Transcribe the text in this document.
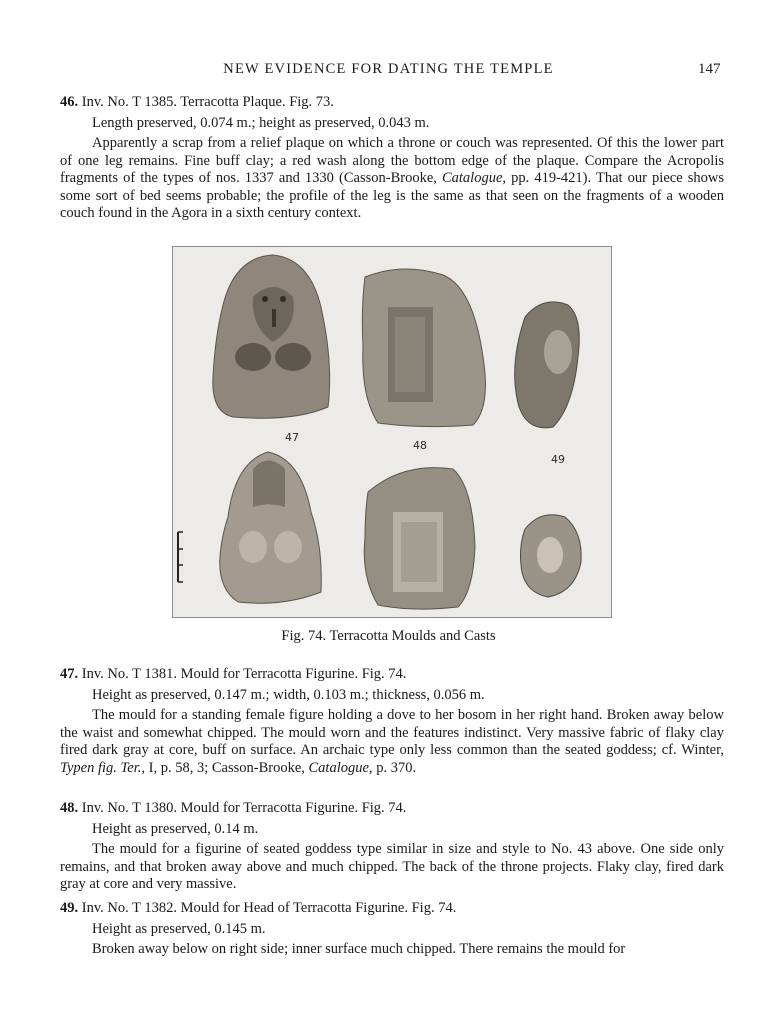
NEW EVIDENCE FOR DATING THE TEMPLE	147

46. Inv. No. T 1385. Terracotta Plaque. Fig. 73.

Length preserved, 0.074 m.; height as preserved, 0.043 m.

Apparently a scrap from a relief plaque on which a throne or couch was represented. Of this the lower part of one leg remains. Fine buff clay; a red wash along the bottom edge of the plaque. Compare the Acropolis fragments of the types of nos. 1337 and 1330 (Casson-Brooke, Catalogue, pp. 419-421). That our piece shows some sort of bed seems probable; the profile of the leg is the same as that seen on the fragments of a wooden couch found in the Agora in a sixth century context.

47
48
49
Fig. 74. Terracotta Moulds and Casts

47. Inv. No. T 1381. Mould for Terracotta Figurine. Fig. 74.

Height as preserved, 0.147 m.; width, 0.103 m.; thickness, 0.056 m.

The mould for a standing female figure holding a dove to her bosom in her right hand. Broken away below the waist and somewhat chipped. The mould worn and the features indistinct. Very massive fabric of flaky clay fired dark gray at core, buff on surface. An archaic type only less common than the seated goddess; cf. Winter, Typen fig. Ter., I, p. 58, 3; Casson-Brooke, Catalogue, p. 370.

48. Inv. No. T 1380. Mould for Terracotta Figurine. Fig. 74.

Height as preserved, 0.14 m.

The mould for a figurine of seated goddess type similar in size and style to No. 43 above. One side only remains, and that broken away above and much chipped. The back of the throne projects. Flaky clay, fired dark gray at core and very massive.

49. Inv. No. T 1382. Mould for Head of Terracotta Figurine. Fig. 74.

Height as preserved, 0.145 m.

Broken away below on right side; inner surface much chipped. There remains the mould for
